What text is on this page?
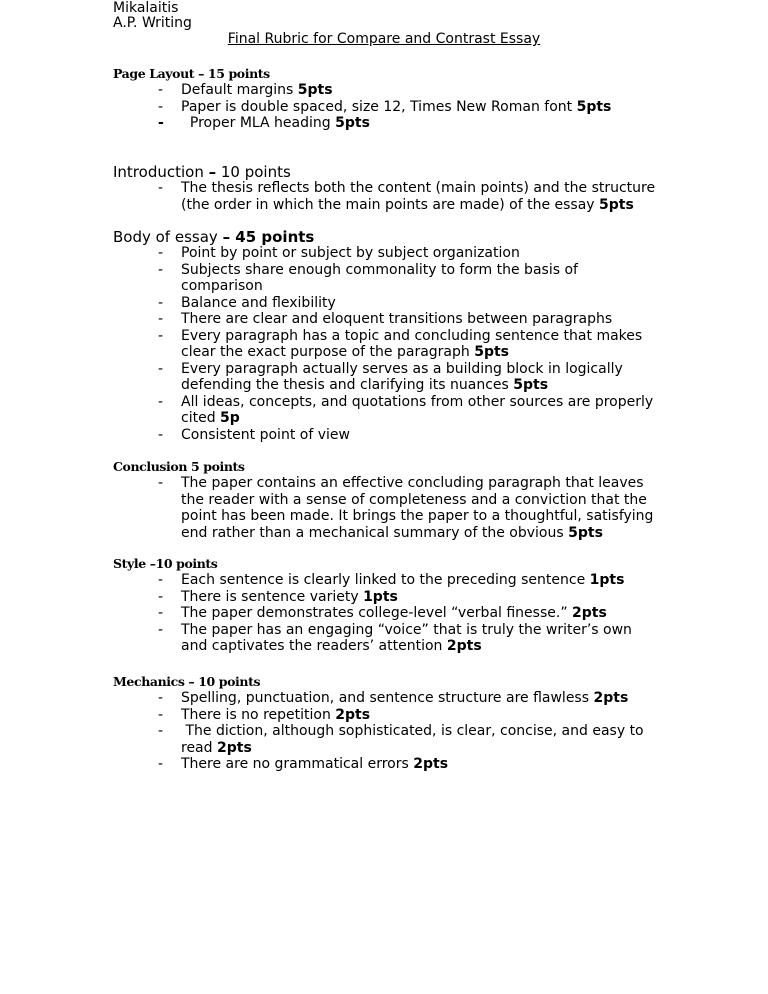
Mikalaitis
A.P. Writing
Final Rubric for Compare and Contrast Essay
Page Layout – 15 points
- Default margins 5pts
- Paper is double spaced, size 12, Times New Roman font 5pts
- Proper MLA heading 5pts
Introduction – 10 points
- The thesis reflects both the content (main points) and the structure (the order in which the main points are made) of the essay 5pts
Body of essay – 45 points
- Point by point or subject by subject organization
- Subjects share enough commonality to form the basis of comparison
- Balance and flexibility
- There are clear and eloquent transitions between paragraphs
- Every paragraph has a topic and concluding sentence that makes clear the exact purpose of the paragraph 5pts
- Every paragraph actually serves as a building block in logically defending the thesis and clarifying its nuances 5pts
- All ideas, concepts, and quotations from other sources are properly cited 5p
- Consistent point of view
Conclusion 5 points
- The paper contains an effective concluding paragraph that leaves the reader with a sense of completeness and a conviction that the point has been made. It brings the paper to a thoughtful, satisfying end rather than a mechanical summary of the obvious 5pts
Style –10 points
- Each sentence is clearly linked to the preceding sentence 1pts
- There is sentence variety 1pts
- The paper demonstrates college-level “verbal finesse.” 2pts
- The paper has an engaging “voice” that is truly the writer’s own and captivates the readers’ attention 2pts
Mechanics – 10 points
- Spelling, punctuation, and sentence structure are flawless 2pts
- There is no repetition 2pts
- The diction, although sophisticated, is clear, concise, and easy to read 2pts
- There are no grammatical errors 2pts
